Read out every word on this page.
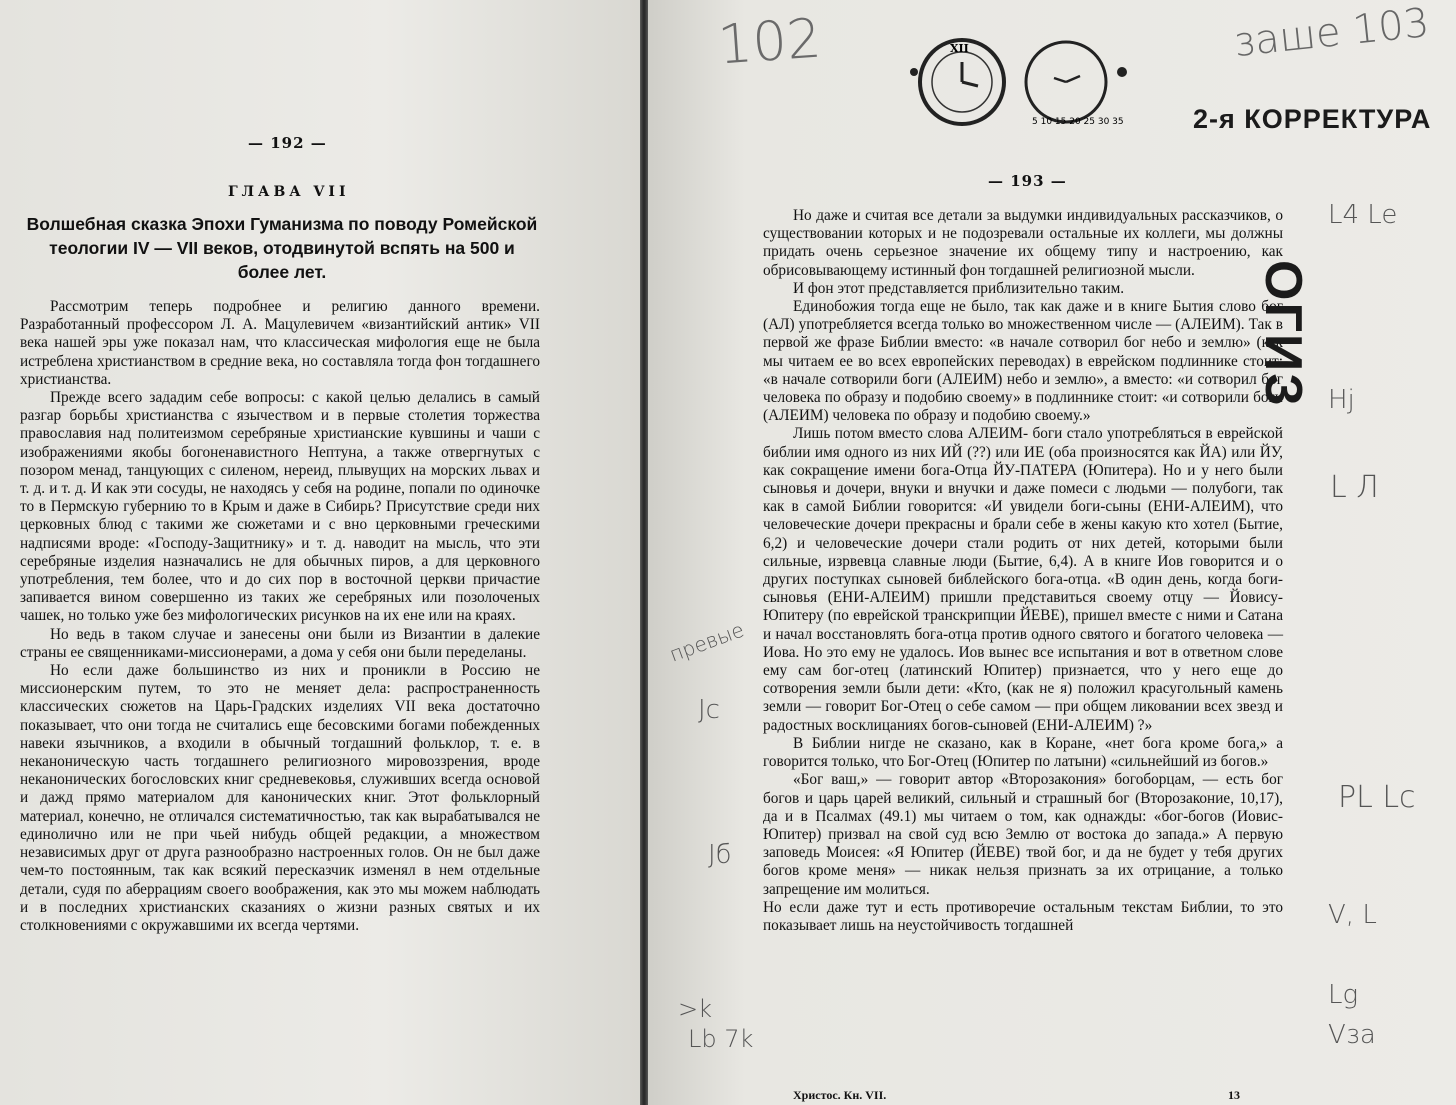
— 192 —
ГЛАВА VII
Волшебная сказка Эпохи Гуманизма по поводу Ромейской теологии IV — VII веков, отодвинутой вспять на 500 и более лет.

Рассмотрим теперь подробнее и религию данного времени. Разработанный профессором Л. А. Мацулевичем «византийский антик» VII века нашей эры уже показал нам, что классическая мифология еще не была истреблена христианством в средние века, но составляла тогда фон тогдашнего христианства.

Прежде всего зададим себе вопросы: с какой целью делались в самый разгар борьбы христианства с язычеством и в первые столетия торжества православия над политеизмом серебряные христианские кувшины и чаши с изображениями якобы богоненавистного Нептуна, а также отвергнутых с позором менад, танцующих с силеном, нереид, плывущих на морских львах и т. д. и т. д. И как эти сосуды, не находясь у себя на родине, попали по одиночке то в Пермскую губернию то в Крым и даже в Сибирь? Присутствие среди них церковных блюд с такими же сюжетами и с вно церковными греческими надписями вроде: «Господу-Защитнику» и т. д. наводит на мысль, что эти серебряные изделия назначались не для обычных пиров, а для церковного употребления, тем более, что и до сих пор в восточной церкви причастие запивается вином совершенно из таких же серебряных или позолоченых чашек, но только уже без мифологических рисунков на их ене или на краях.

Но ведь в таком случае и занесены они были из Византии в далекие страны ее священниками-миссионерами, а дома у себя они были переделаны.

Но если даже большинство из них и проникли в Россию не миссионерским путем, то это не меняет дела: распространенность классических сюжетов на Царь-Градских изделиях VII века достаточно показывает, что они тогда не считались еще бесовскими богами побежденных навеки язычников, а входили в обычный тогдашний фольклор, т. е. в неканоническую часть тогдашнего религиозного мировоззрения, вроде неканонических богословских книг средневековья, служивших всегда основой и дажд прямо материалом для канонических книг. Этот фольклорный материал, конечно, не отличался систематичностью, так как вырабатывался не единолично или не при чьей нибудь общей редакции, а множеством независимых друг от друга разнообразно настроенных голов. Он не был даже чем-то постоянным, так как всякий пересказчик изменял в нем отдельные детали, судя по аберрациям своего воображения, как это мы можем наблюдать и в последних христианских сказаниях о жизни разных святых и их столкновениями с окружавшими их всегда чертями.

— 193 —

Но даже и считая все детали за выдумки индивидуальных рассказчиков, о существовании которых и не подозревали остальные их коллеги, мы должны придать очень серьезное значение их общему типу и настроению, как обрисовывающему истинный фон тогдашней религиозной мысли.

И фон этот представляется приблизительно таким.

Единобожия тогда еще не было, так как даже и в книге Бытия слово бог (АЛ) употребляется всегда только во множественном числе — (АЛЕИМ). Так в первой же фразе Библии вместо: «в начале сотворил бог небо и землю» (как мы читаем ее во всех европейских переводах) в еврейском подлиннике стоит: «в начале сотворили боги (АЛЕИМ) небо и землю», а вместо: «и сотворил бог человека по образу и подобию своему» в подлиннике стоит: «и сотворили боги (АЛЕИМ) человека по образу и подобию своему.»

Лишь потом вместо слова АЛЕИМ- боги стало употребляться в еврейской библии имя одного из них ИЙ (??) или ИЕ (оба произносятся как ЙА) или ЙУ, как сокращение имени бога-Отца ЙУ-ПАТЕРА (Юпитера). Но и у него были сыновья и дочери, внуки и внучки и даже помеси с людьми — полубоги, так как в самой Библии говорится: «И увидели боги-сыны (ЕНИ-АЛЕИМ), что человеческие дочери прекрасны и брали себе в жены какую кто хотел (Бытие, 6,2) и человеческие дочери стали родить от них детей, которыми были сильные, изрвевца славные люди (Бытие, 6,4). А в книге Иов говорится и о других поступках сыновей библейского бога-отца. «В один день, когда боги-сыновья (ЕНИ-АЛЕИМ) пришли представиться своему отцу — Йовису-Юпитеру (по еврейской транскрипции ЙЕВЕ), пришел вместе с ними и Сатана и начал восстановлять бога-отца против одного святого и богатого человека — Иова. Но это ему не удалось. Иов вынес все испытания и вот в ответном слове ему сам бог-отец (латинский Юпитер) признается, что у него еще до сотворения земли были дети: «Кто, (как не я) положил красугольный камень земли — говорит Бог-Отец о себе самом — при общем ликовании всех звезд и радостных восклицаниях богов-сыновей (ЕНИ-АЛЕИМ) ?»

В Библии нигде не сказано, как в Коране, «нет бога кроме бога,» а говорится только, что Бог-Отец (Юпитер по латыни) «сильнейший из богов.»

«Бог ваш,» — говорит автор «Второзакония» богоборцам, — есть бог богов и царь царей великий, сильный и страшный бог (Второзаконие, 10,17), да и в Псалмах (49.1) мы читаем о том, как однажды: «бог-богов (Иовис-Юпитер) призвал на свой суд всю Землю от востока до запада.» А первую заповедь Моисея: «Я Юпитер (ЙЕВЕ) твой бог, и да не будет у тебя других богов кроме меня» — никак нельзя признать за их отрицание, а только запрещение им молиться.

Но если даже тут и есть противоречие остальным текстам Библии, то это показывает лишь на неустойчивость тогдашней

Христос. Кн. VII.	13
102	XII
5 10 15 20 25 30 35
заше 103
2-я КОРРЕКТУРА
ОГИЗ
L4 Le
Hj
L Л
PL Lc
V, L
Lg
Vза
превые
Jс
Jб
>k
Lb 7k
